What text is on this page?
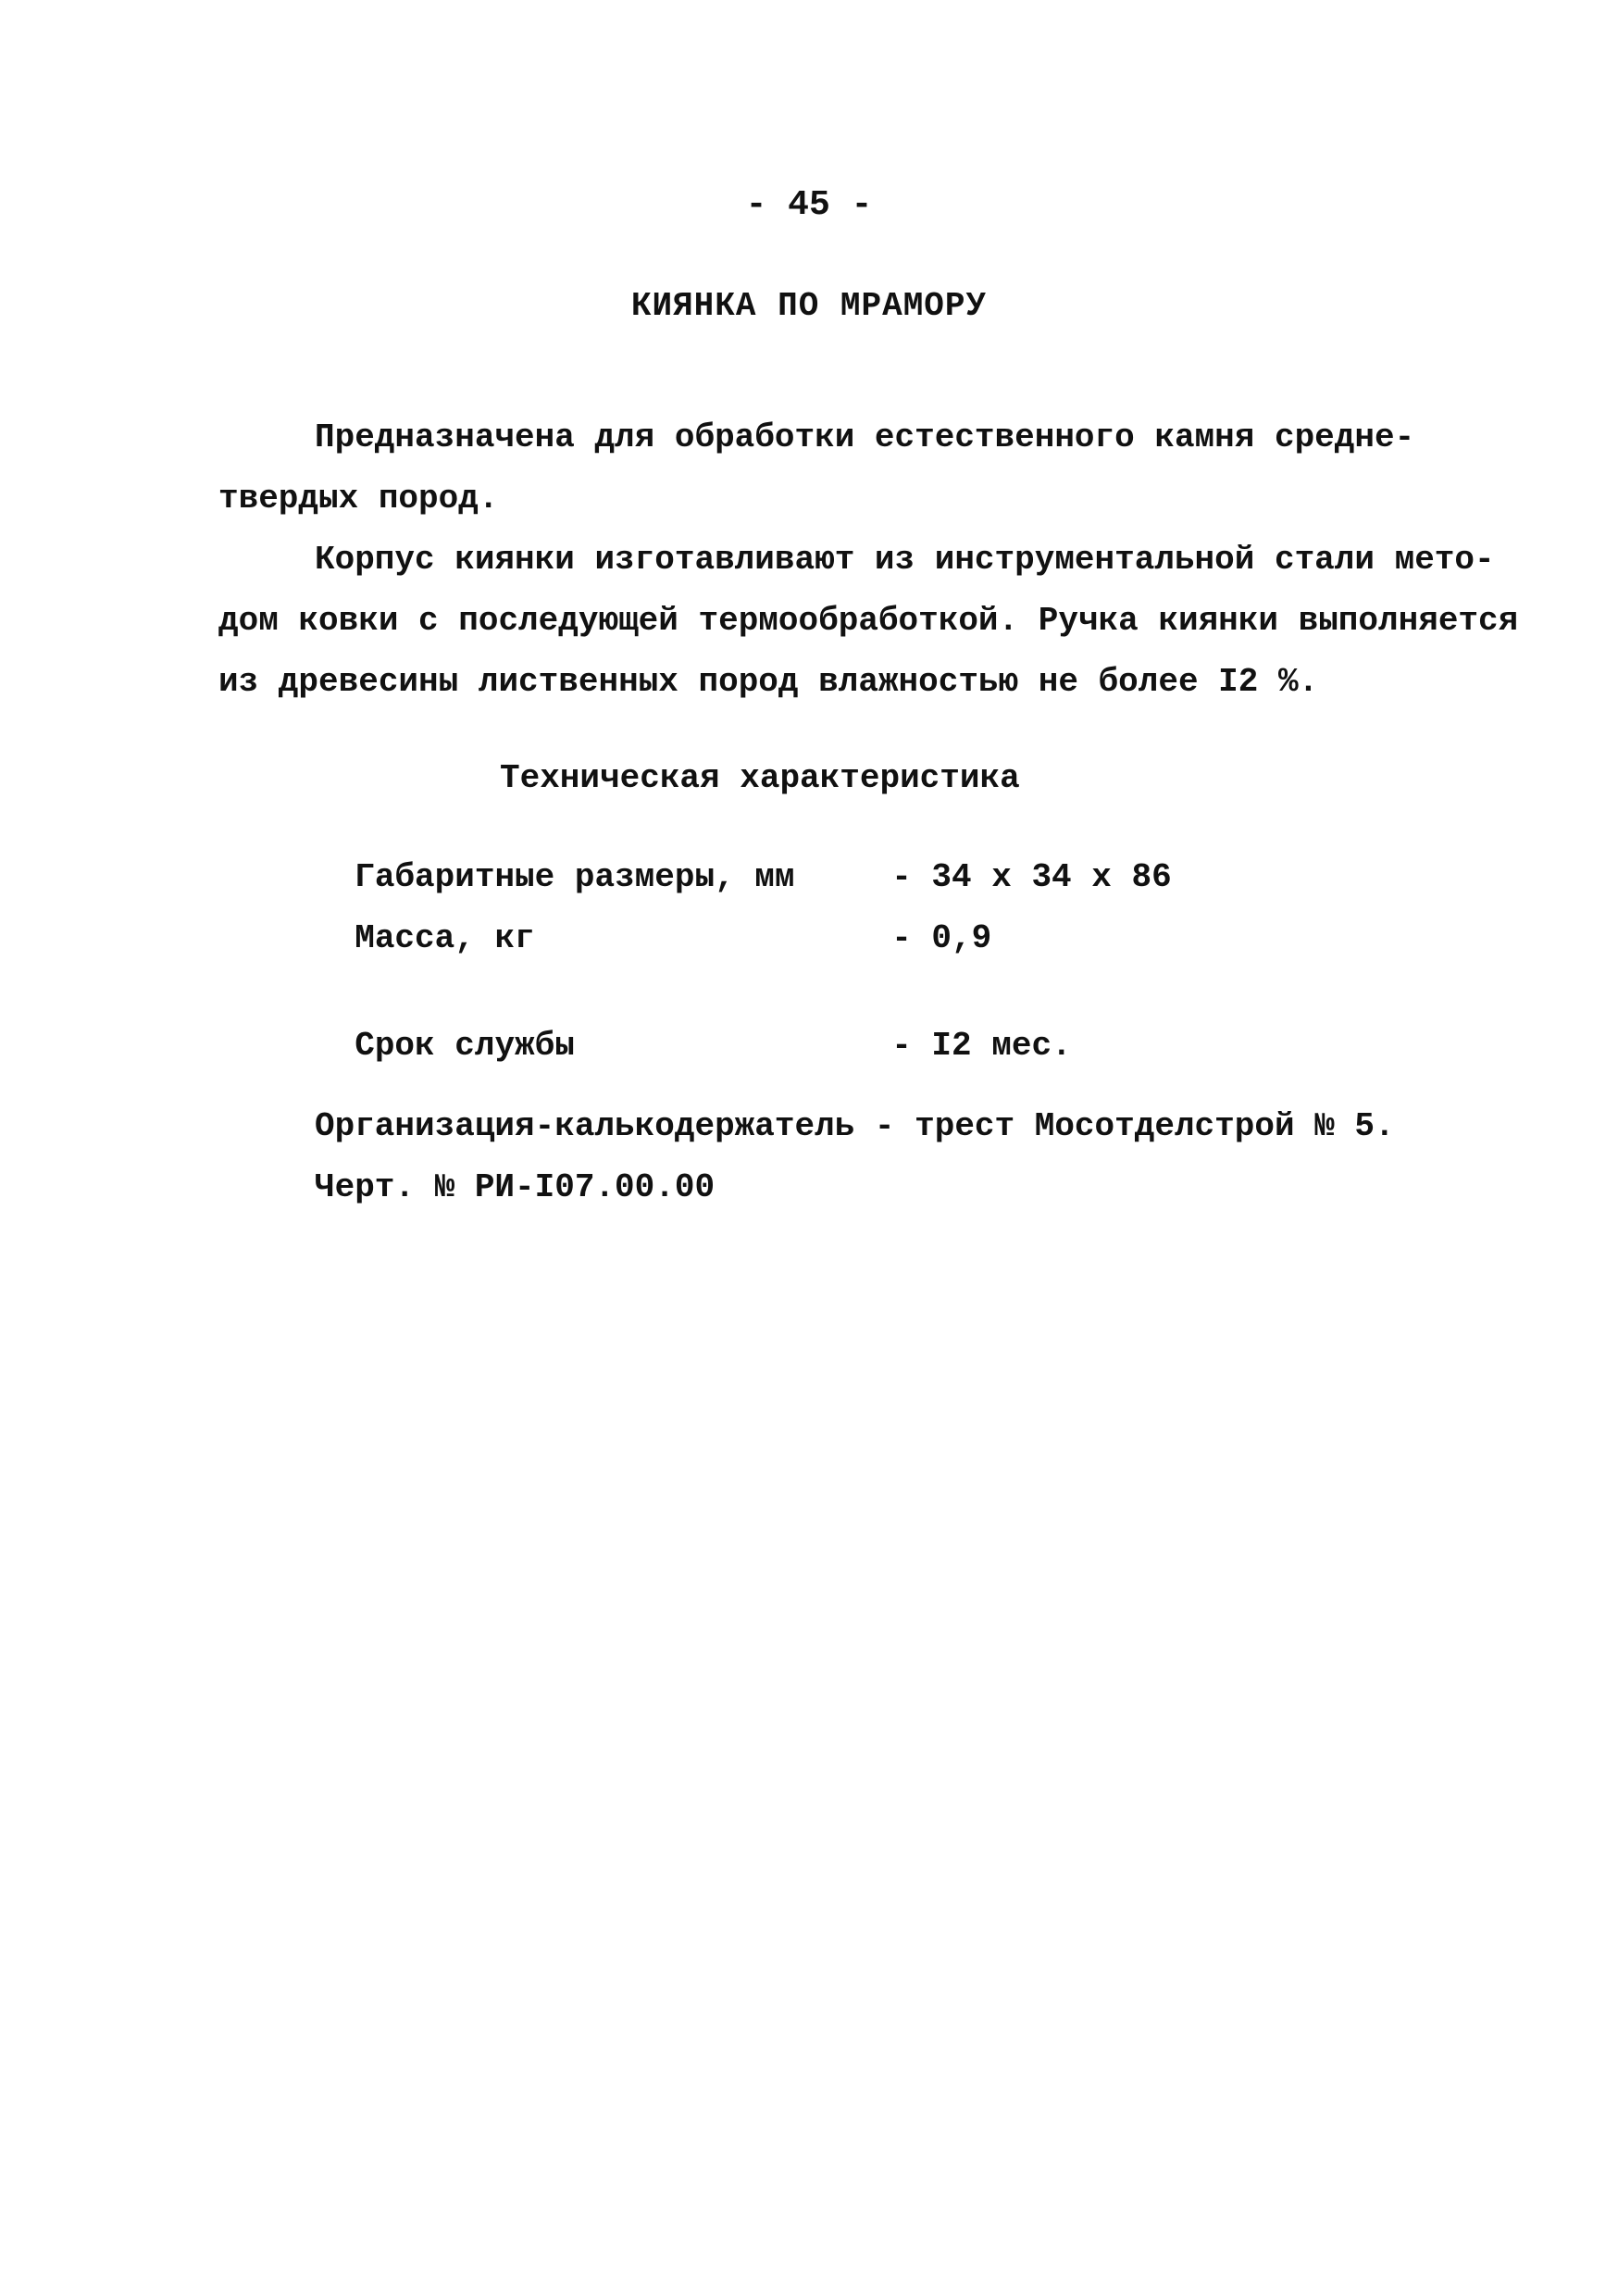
- 45 -
КИЯНКА ПО МРАМОРУ

Предназначена для обработки естественного камня средне-
твердых пород.

Корпус киянки изготавливают из инструментальной стали мето-
дом ковки с последующей термообработкой. Ручка киянки выполняется
из древесины лиственных пород влажностью не более I2 %.

Техническая характеристика

Габаритные размеры, мм	- 34 х 34 х 86

Масса, кг	- 0,9

Срок службы	- I2 мес.

Организация-калькодержатель - трест Мосотделстрой № 5.
Черт. № РИ-I07.00.00
